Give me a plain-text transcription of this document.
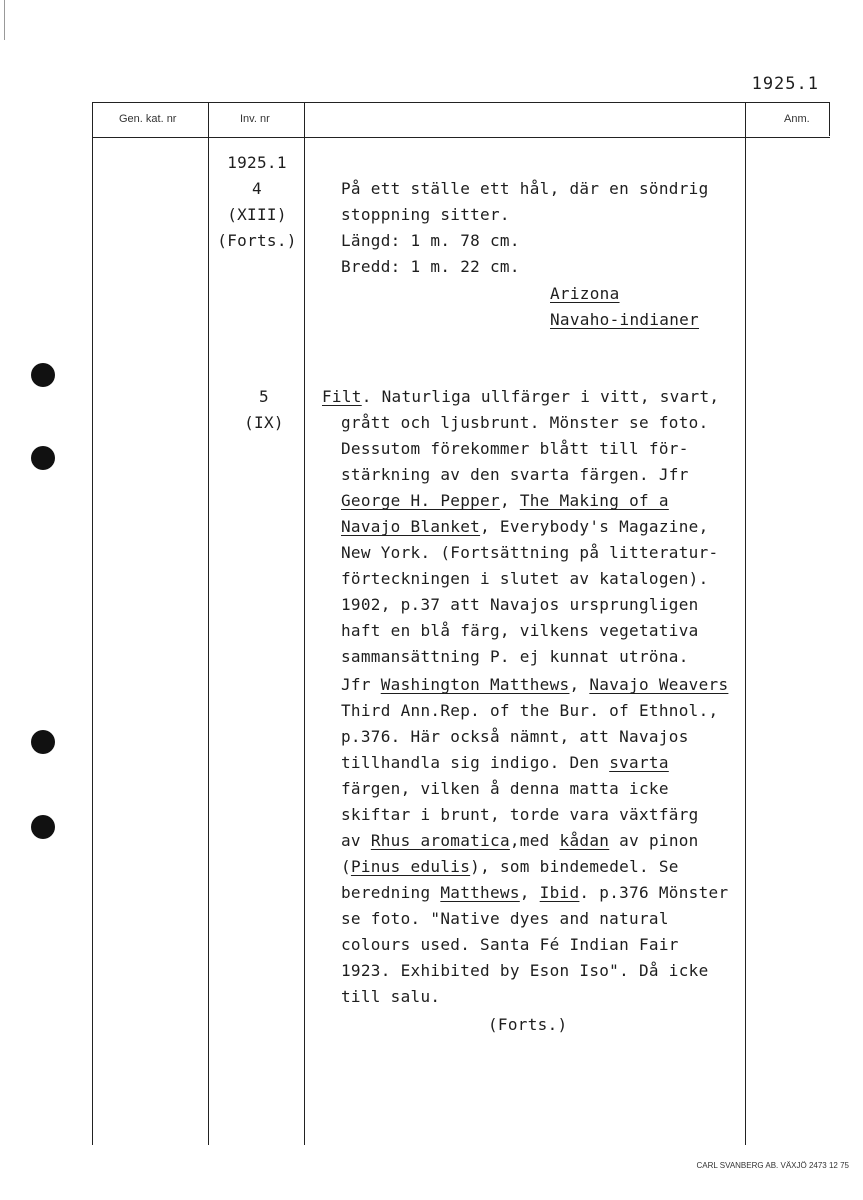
1925.1
Gen. kat. nr	Inv. nr	Anm.
1925.1
4
(XIII)
(Forts.)
På ett ställe ett hål, där en söndrig
stoppning sitter.
Längd: 1 m. 78 cm.
Bredd: 1 m. 22 cm.
Arizona
Navaho-indianer
5
(IX)
Filt. Naturliga ullfärger i vitt, svart,
grått och ljusbrunt. Mönster se foto.
Dessutom förekommer blått till för-
stärkning av den svarta färgen. Jfr
George H. Pepper, The Making of a
Navajo Blanket, Everybody's Magazine,
New York. (Fortsättning på litteratur-
förteckningen i slutet av katalogen).
1902, p.37 att Navajos ursprungligen
haft en blå färg, vilkens vegetativa
sammansättning P. ej kunnat utröna.
Jfr Washington Matthews, Navajo Weavers
Third Ann.Rep. of the Bur. of Ethnol.,
p.376. Här också nämnt, att Navajos
tillhandla sig indigo. Den svarta
färgen, vilken å denna matta icke
skiftar i brunt, torde vara växtfärg
av Rhus aromatica,med kådan av pinon
(Pinus edulis), som bindemedel. Se
beredning Matthews, Ibid. p.376 Mönster
se foto. "Native dyes and natural
colours used. Santa Fé Indian Fair
1923. Exhibited by Eson Iso". Då icke
till salu.
(Forts.)
CARL SVANBERG AB. VÄXJÖ 2473 12 75
